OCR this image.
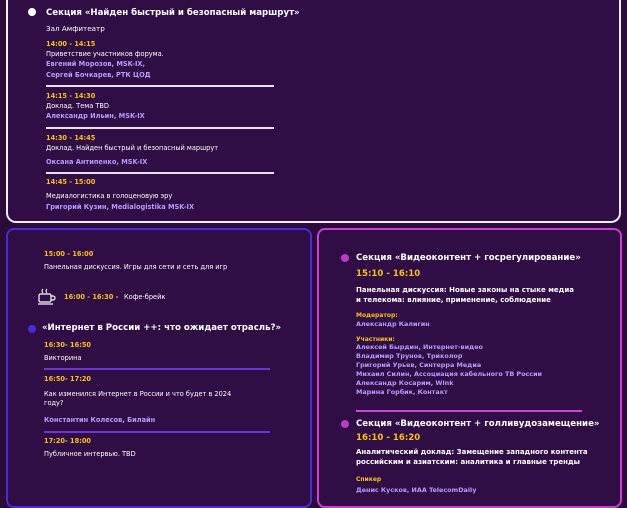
Секция «Найден быстрый и безопасный маршрут»
Зал Амфитеатр
14:00 - 14:15
Приветствие участников форума.
Евгений Морозов, MSK-IX,
Сергей Бочкарев, РТК ЦОД
14:15 - 14:30
Доклад. Тема TBD
Александр Ильин, MSK-IX
14:30 - 14:45
Доклад. Найден быстрый и безопасный маршрут
Оксана Антипенко, MSK-IX
14:45 - 15:00
Медиалогистика в голоценовую эру
Григорий Кузин, Medialogistika MSK-IX
15:00 - 16:00
Панельная дискуссия. Игры для сети и сеть для игр
16:00 - 16:30 - Кофе-брейк
«Интернет в России ++: что ожидает отрасль?»
16:30- 16:50
Викторина
16:50- 17:20
Как изменился Интернет в России и что будет в 2024
году?
Константин Колесов, Билайн
17:20- 18:00
Публичное интервью. TBD
Секция «Видеоконтент + госрегулирование»
15:10 - 16:10
Панельная дискуссия: Новые законы на стыке медиа
и телекома: влияние, применение, соблюдение
Модератор:
Александр Калигин
Участники:
Алексей Бырдин, Интернет-видео
Владимир Трунов, Триколор
Григорий Урьев, Синтерра Медиа
Михаил Силин, Ассоциация кабельного ТВ России
Александр Косарим, Wink
Марина Горбик, Контакт
Секция «Видеоконтент + голливудозамещение»
16:10 - 16:20
Аналитический доклад: Замещение западного контента
российским и азиатским: аналитика и главные тренды
Спикер
Денис Кусков, ИАА TelecomDaily
